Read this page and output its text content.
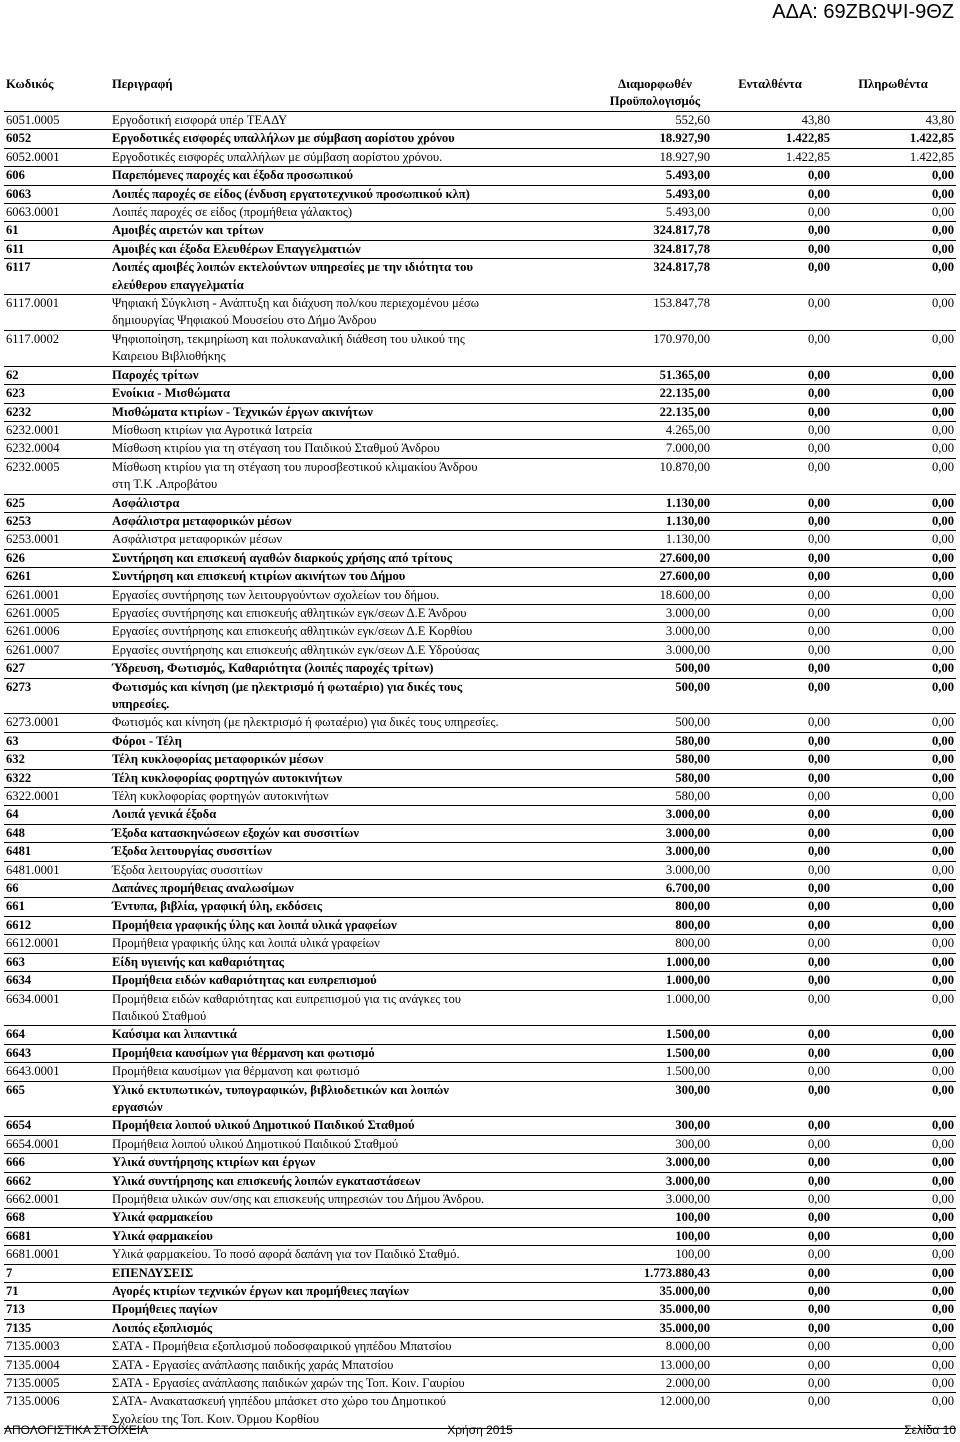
ΑΔΑ: 69ΖΒΩΨΙ-9ΘΖ
Κωδικός	Περιγραφή	Διαμορφωθέν
Προϋπολογισμός
Ενταλθέντα	Πληρωθέντα
6051.0005	Εργοδοτική εισφορά υπέρ ΤΕΑΔΥ	552,60	43,80	43,80
6052	Εργοδοτικές εισφορές υπαλλήλων με σύμβαση αορίστου χρόνου	18.927,90	1.422,85	1.422,85
6052.0001	Εργοδοτικές εισφορές υπαλλήλων με σύμβαση αορίστου χρόνου.	18.927,90	1.422,85	1.422,85
606	Παρεπόμενες παροχές και έξοδα προσωπικού	5.493,00	0,00	0,00
6063	Λοιπές παροχές σε είδος (ένδυση εργατοτεχνικού προσωπικού κλπ)	5.493,00	0,00	0,00
6063.0001	Λοιπές παροχές σε είδος (προμήθεια γάλακτος)	5.493,00	0,00	0,00
61	Αμοιβές αιρετών και τρίτων	324.817,78	0,00	0,00
611	Αμοιβές και έξοδα Ελευθέρων Επαγγελματιών	324.817,78	0,00	0,00
6117	Λοιπές αμοιβές λοιπών εκτελούντων υπηρεσίες με την ιδιότητα του
ελεύθερου επαγγελματία
324.817,78	0,00	0,00
6117.0001	Ψηφιακή Σύγκλιση - Ανάπτυξη και διάχυση πολ/κου περιεχομένου μέσω
δημιουργίας Ψηφιακού Μουσείου στο Δήμο Άνδρου
153.847,78	0,00	0,00
6117.0002	Ψηφιοποίηση, τεκμηρίωση και πολυκαναλική διάθεση του υλικού της
Καιρειου Βιβλιοθήκης
170.970,00	0,00	0,00
62	Παροχές τρίτων	51.365,00	0,00	0,00
623	Ενοίκια - Μισθώματα	22.135,00	0,00	0,00
6232	Μισθώματα κτιρίων - Τεχνικών έργων ακινήτων	22.135,00	0,00	0,00
6232.0001	Μίσθωση κτιρίων για Αγροτικά Ιατρεία	4.265,00	0,00	0,00
6232.0004	Μίσθωση κτιρίου για τη στέγαση του Παιδικού Σταθμού Άνδρου	7.000,00	0,00	0,00
6232.0005	Μίσθωση κτιρίου για τη στέγαση του πυροσβεστικού κλιμακίου Άνδρου
στη Τ.Κ .Απροβάτου
10.870,00	0,00	0,00
625	Ασφάλιστρα	1.130,00	0,00	0,00
6253	Ασφάλιστρα μεταφορικών μέσων	1.130,00	0,00	0,00
6253.0001	Ασφάλιστρα μεταφορικών μέσων	1.130,00	0,00	0,00
626	Συντήρηση και επισκευή αγαθών διαρκούς χρήσης από τρίτους	27.600,00	0,00	0,00
6261	Συντήρηση και επισκευή κτιρίων ακινήτων του Δήμου	27.600,00	0,00	0,00
6261.0001	Εργασίες συντήρησης των λειτουργούντων σχολείων του δήμου.	18.600,00	0,00	0,00
6261.0005	Εργασίες συντήρησης και επισκευής αθλητικών εγκ/σεων Δ.Ε Άνδρου	3.000,00	0,00	0,00
6261.0006	Εργασίες συντήρησης και επισκευής αθλητικών εγκ/σεων Δ.Ε Κορθίου	3.000,00	0,00	0,00
6261.0007	Εργασίες συντήρησης και επισκευής αθλητικών εγκ/σεων Δ.Ε Υδρούσας	3.000,00	0,00	0,00
627	Ύδρευση, Φωτισμός, Καθαριότητα (λοιπές παροχές τρίτων)	500,00	0,00	0,00
6273	Φωτισμός και κίνηση (με ηλεκτρισμό ή φωταέριο) για δικές τους
υπηρεσίες.
500,00	0,00	0,00
6273.0001	Φωτισμός και κίνηση (με ηλεκτρισμό ή φωταέριο) για δικές τους υπηρεσίες.	500,00	0,00	0,00
63	Φόροι - Τέλη	580,00	0,00	0,00
632	Τέλη κυκλοφορίας μεταφορικών μέσων	580,00	0,00	0,00
6322	Τέλη κυκλοφορίας φορτηγών αυτοκινήτων	580,00	0,00	0,00
6322.0001	Τέλη κυκλοφορίας φορτηγών αυτοκινήτων	580,00	0,00	0,00
64	Λοιπά γενικά έξοδα	3.000,00	0,00	0,00
648	Έξοδα κατασκηνώσεων εξοχών και συσσιτίων	3.000,00	0,00	0,00
6481	Έξοδα λειτουργίας συσσιτίων	3.000,00	0,00	0,00
6481.0001	Έξοδα λειτουργίας συσσιτίων	3.000,00	0,00	0,00
66	Δαπάνες προμήθειας αναλωσίμων	6.700,00	0,00	0,00
661	Έντυπα, βιβλία, γραφική ύλη, εκδόσεις	800,00	0,00	0,00
6612	Προμήθεια γραφικής ύλης και λοιπά υλικά γραφείων	800,00	0,00	0,00
6612.0001	Προμήθεια γραφικής ύλης και λοιπά υλικά γραφείων	800,00	0,00	0,00
663	Είδη υγιεινής και καθαριότητας	1.000,00	0,00	0,00
6634	Προμήθεια ειδών καθαριότητας και ευπρεπισμού	1.000,00	0,00	0,00
6634.0001	Προμήθεια ειδών καθαριότητας και ευπρεπισμού για τις ανάγκες του
Παιδικού Σταθμού
1.000,00	0,00	0,00
664	Καύσιμα και λιπαντικά	1.500,00	0,00	0,00
6643	Προμήθεια καυσίμων για θέρμανση και φωτισμό	1.500,00	0,00	0,00
6643.0001	Προμήθεια καυσίμων για θέρμανση και φωτισμό	1.500,00	0,00	0,00
665	Υλικό εκτυπωτικών, τυπογραφικών, βιβλιοδετικών και λοιπών
εργασιών
300,00	0,00	0,00
6654	Προμήθεια λοιπού υλικού Δημοτικού Παιδικού Σταθμού	300,00	0,00	0,00
6654.0001	Προμήθεια λοιπού υλικού Δημοτικού Παιδικού Σταθμού	300,00	0,00	0,00
666	Υλικά συντήρησης κτιρίων και έργων	3.000,00	0,00	0,00
6662	Υλικά συντήρησης και επισκευής λοιπών εγκαταστάσεων	3.000,00	0,00	0,00
6662.0001	Προμήθεια υλικών συν/σης και επισκευής υπηρεσιών του Δήμου Άνδρου.	3.000,00	0,00	0,00
668	Υλικά φαρμακείου	100,00	0,00	0,00
6681	Υλικά φαρμακείου	100,00	0,00	0,00
6681.0001	Υλικά φαρμακείου. Το ποσό αφορά δαπάνη για τον Παιδικό Σταθμό.	100,00	0,00	0,00
7	ΕΠΕΝΔΥΣΕΙΣ	1.773.880,43	0,00	0,00
71	Αγορές κτιρίων τεχνικών έργων και προμήθειες παγίων	35.000,00	0,00	0,00
713	Προμήθειες παγίων	35.000,00	0,00	0,00
7135	Λοιπός εξοπλισμός	35.000,00	0,00	0,00
7135.0003	ΣΑΤΑ - Προμήθεια εξοπλισμού ποδοσφαιρικού γηπέδου Μπατσίου	8.000,00	0,00	0,00
7135.0004	ΣΑΤΑ - Εργασίες ανάπλασης παιδικής χαράς Μπατσίου	13.000,00	0,00	0,00
7135.0005	ΣΑΤΑ - Εργασίες ανάπλασης παιδικών χαρών της Τοπ. Κοιν. Γαυρίου	2.000,00	0,00	0,00
7135.0006	ΣΑΤΑ- Ανακατασκευή γηπέδου μπάσκετ στο χώρο του Δημοτικού
Σχολείου της Τοπ. Κοιν. Όρμου Κορθίου
12.000,00	0,00	0,00
ΑΠΟΛΟΓΙΣΤΙΚΑ ΣΤΟΙΧΕΙΑ	Χρήση 2015	Σελίδα 10
